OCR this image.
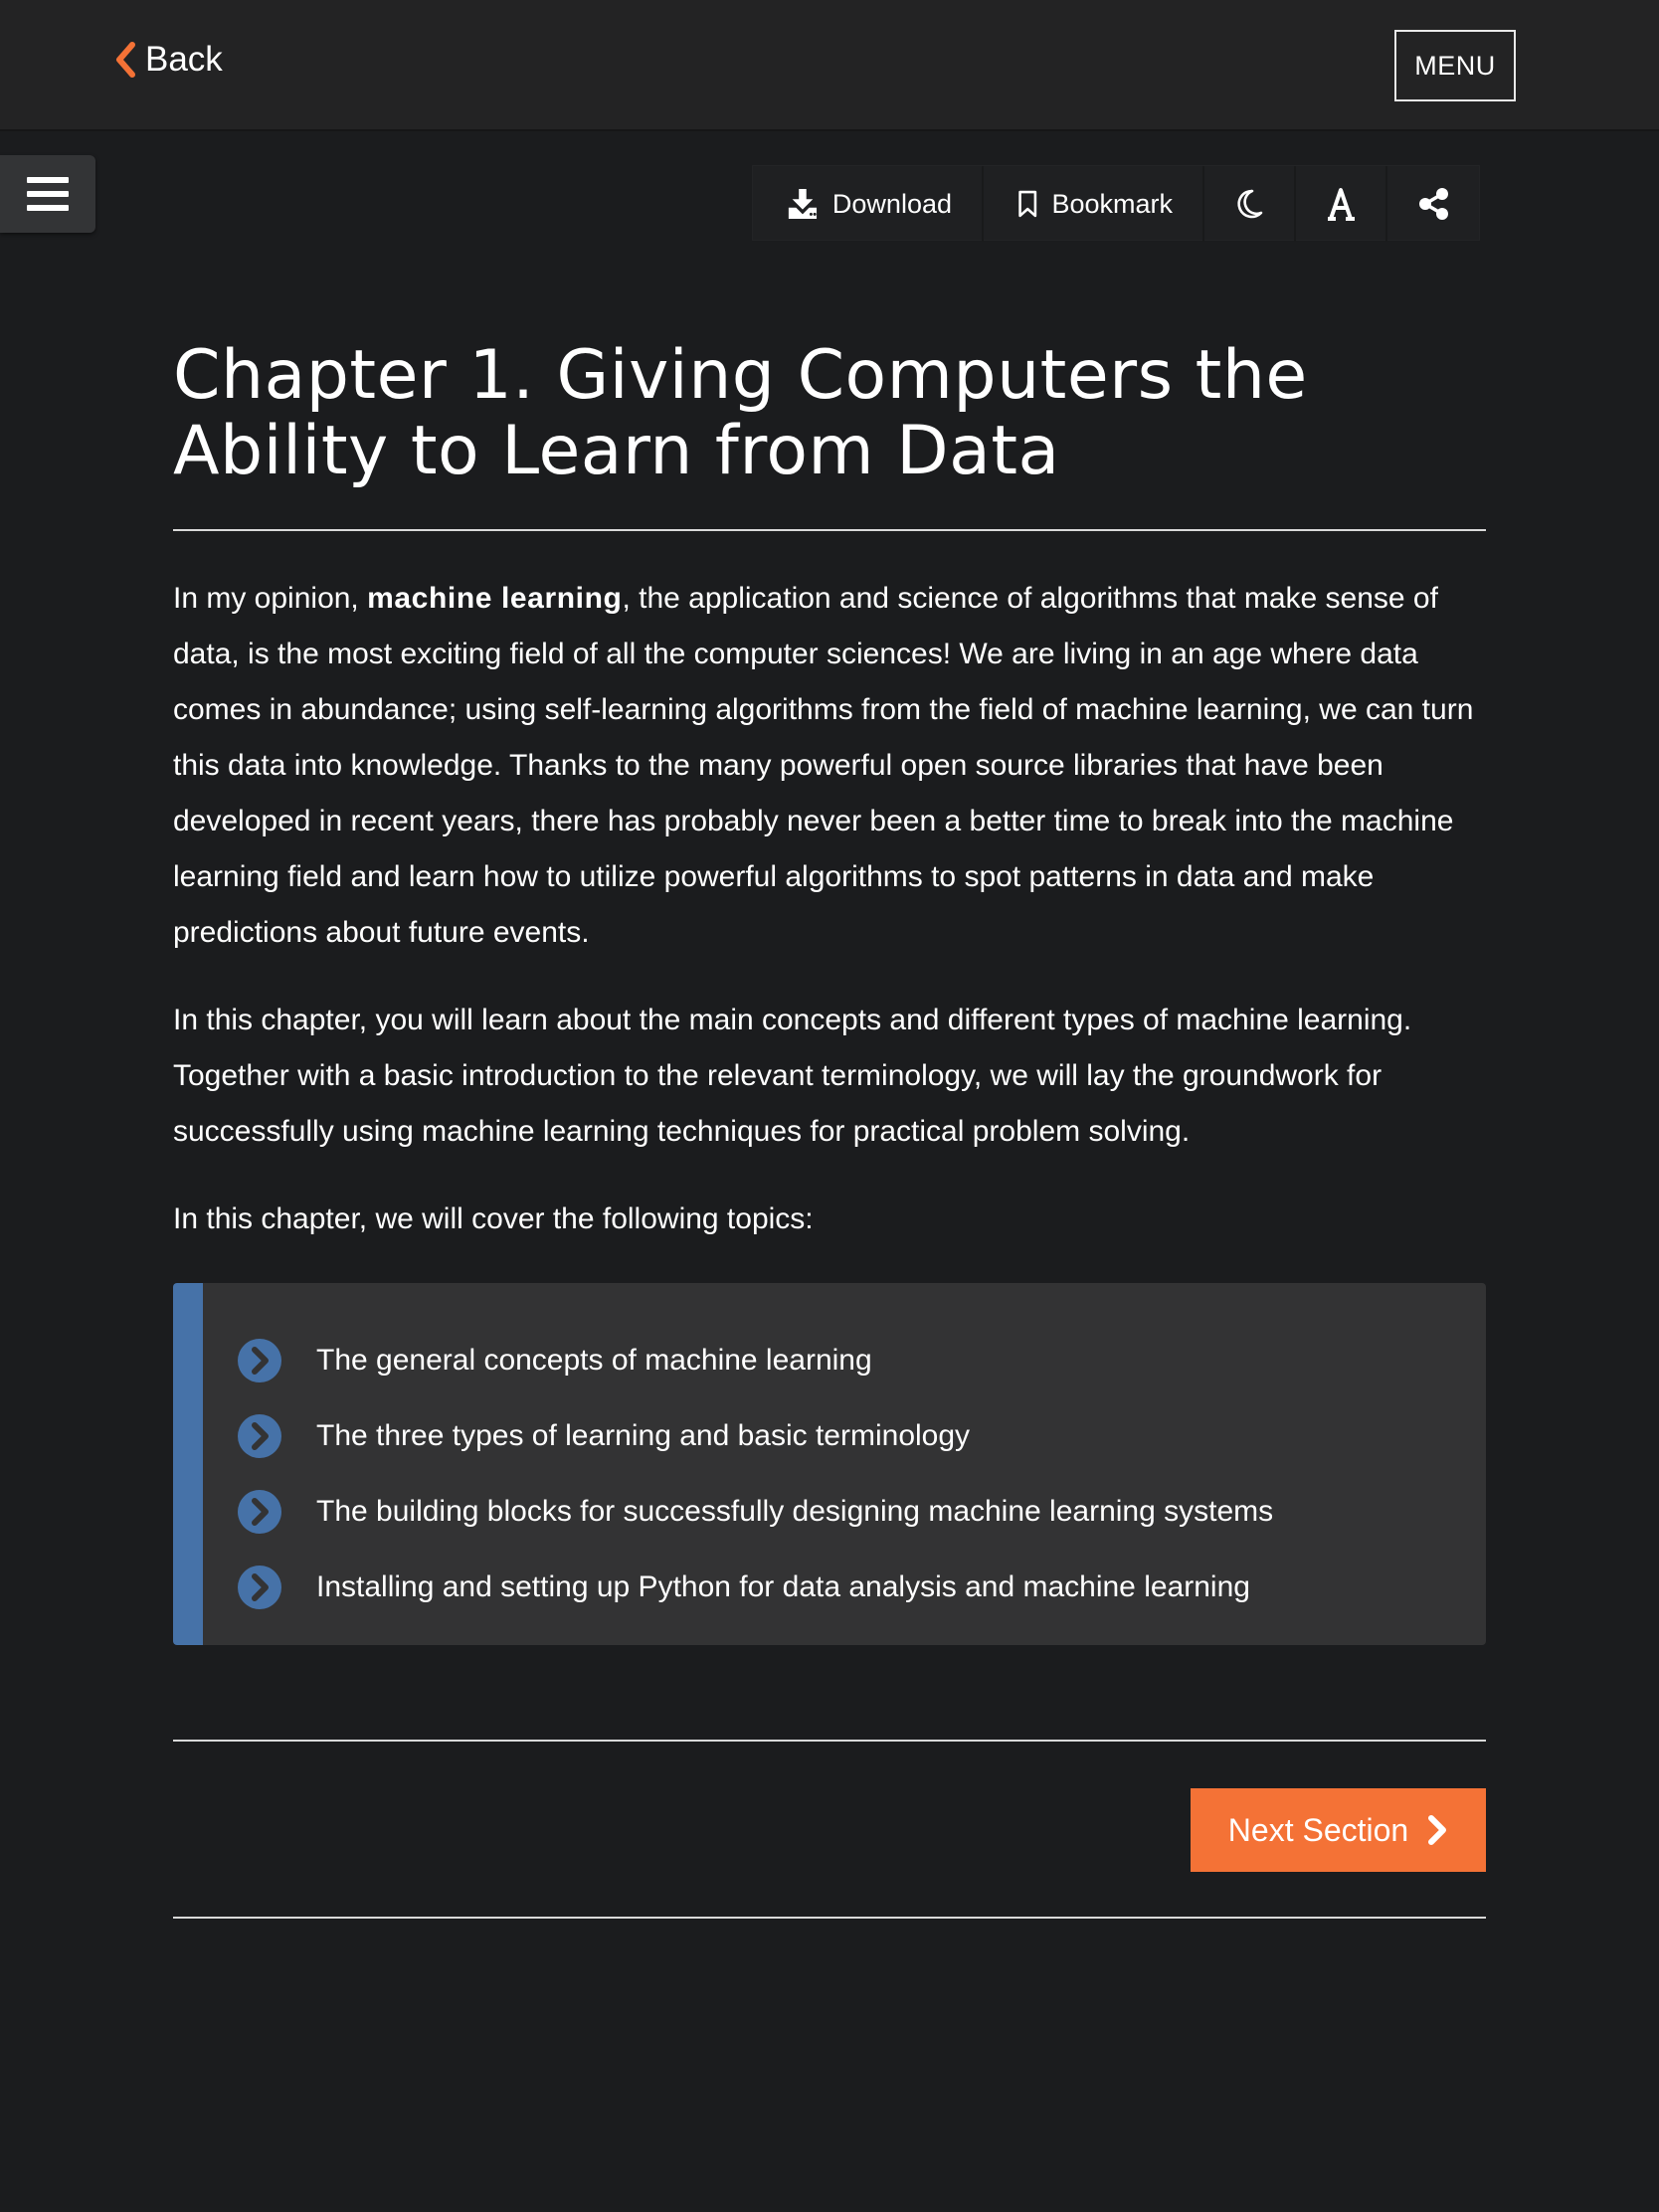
Back	MENU
Download	Bookmark
Chapter 1. Giving Computers the Ability to Learn from Data

In my opinion, machine learning, the application and science of algorithms that make sense of data, is the most exciting field of all the computer sciences! We are living in an age where data comes in abundance; using self-learning algorithms from the field of machine learning, we can turn this data into knowledge. Thanks to the many powerful open source libraries that have been developed in recent years, there has probably never been a better time to break into the machine learning field and learn how to utilize powerful algorithms to spot patterns in data and make predictions about future events.

In this chapter, you will learn about the main concepts and different types of machine learning. Together with a basic introduction to the relevant terminology, we will lay the groundwork for successfully using machine learning techniques for practical problem solving.

In this chapter, we will cover the following topics:

The general concepts of machine learning
The three types of learning and basic terminology
The building blocks for successfully designing machine learning systems
Installing and setting up Python for data analysis and machine learning
Next Section
